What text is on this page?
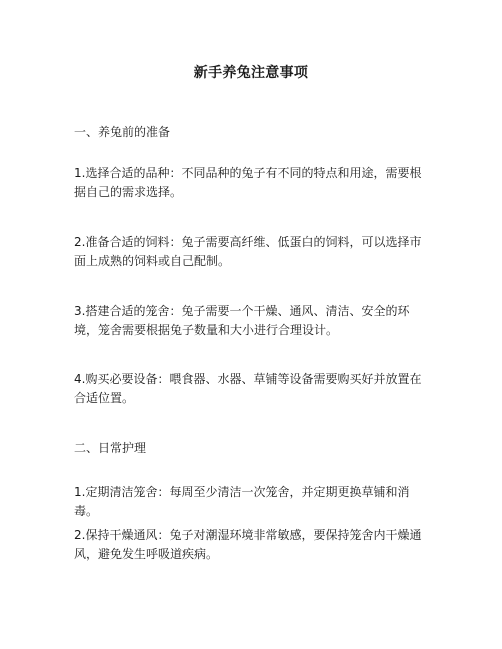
新手养兔注意事项

一、养兔前的准备

1.选择合适的品种：不同品种的兔子有不同的特点和用途，需要根据自己的需求选择。

2.准备合适的饲料：兔子需要高纤维、低蛋白的饲料，可以选择市面上成熟的饲料或自己配制。

3.搭建合适的笼舍：兔子需要一个干燥、通风、清洁、安全的环境，笼舍需要根据兔子数量和大小进行合理设计。

4.购买必要设备：喂食器、水器、草铺等设备需要购买好并放置在合适位置。

二、日常护理

1.定期清洁笼舍：每周至少清洁一次笼舍，并定期更换草铺和消毒。

2.保持干燥通风：兔子对潮湿环境非常敏感，要保持笼舍内干燥通风，避免发生呼吸道疾病。
